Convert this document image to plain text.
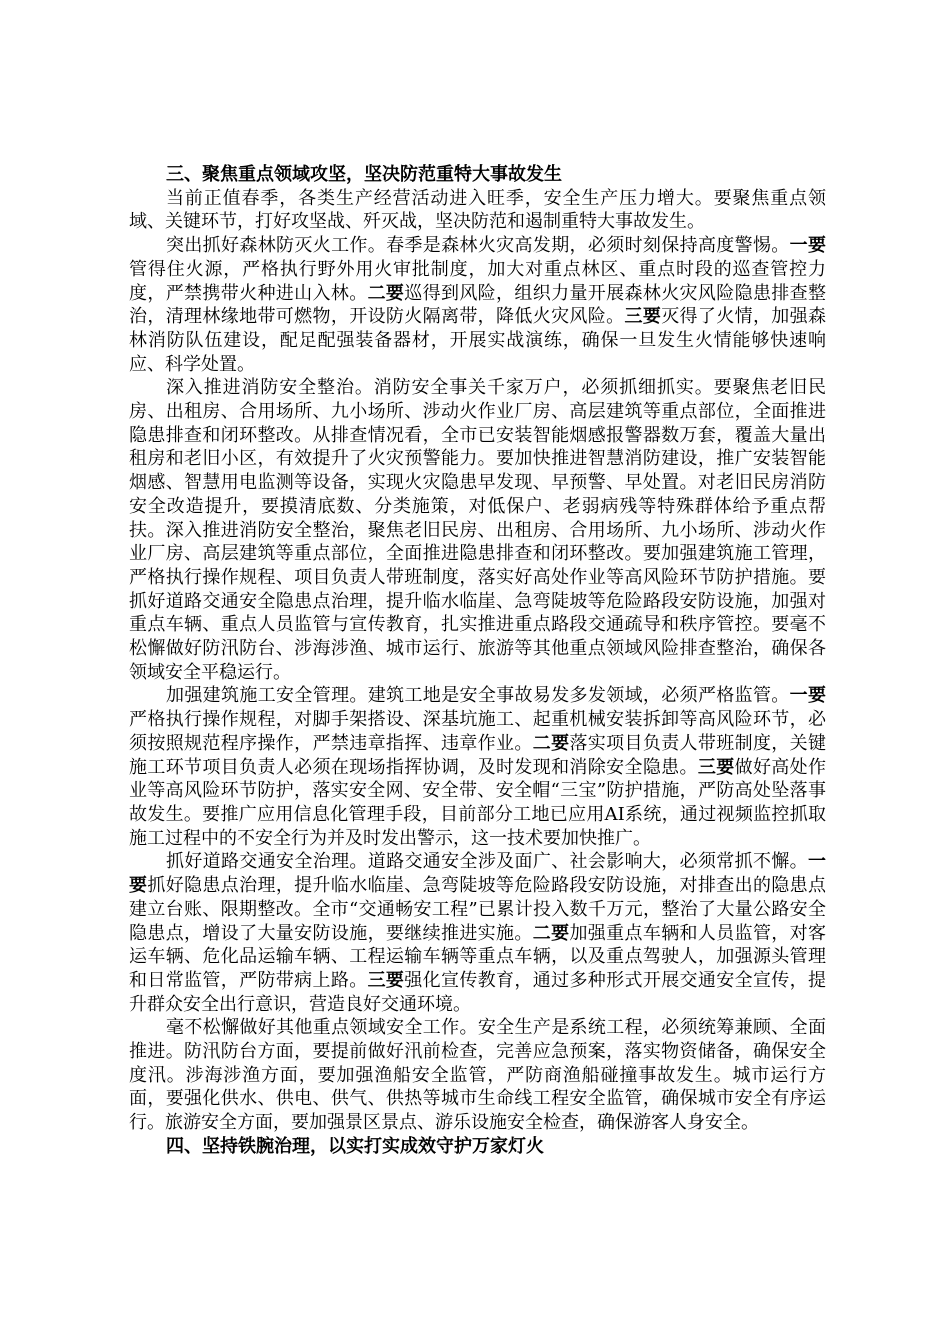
三、聚焦重点领域攻坚，坚决防范重特大事故发生

当前正值春季，各类生产经营活动进入旺季，安全生产压力增大。要聚焦重点领域、关键环节，打好攻坚战、歼灭战，坚决防范和遏制重特大事故发生。

突出抓好森林防灭火工作。春季是森林火灾高发期，必须时刻保持高度警惕。一要管得住火源，严格执行野外用火审批制度，加大对重点林区、重点时段的巡查管控力度，严禁携带火种进山入林。二要巡得到风险，组织力量开展森林火灾风险隐患排查整治，清理林缘地带可燃物，开设防火隔离带，降低火灾风险。三要灭得了火情，加强森林消防队伍建设，配足配强装备器材，开展实战演练，确保一旦发生火情能够快速响应、科学处置。

深入推进消防安全整治。消防安全事关千家万户，必须抓细抓实。要聚焦老旧民房、出租房、合用场所、九小场所、涉动火作业厂房、高层建筑等重点部位，全面推进隐患排查和闭环整改。从排查情况看，全市已安装智能烟感报警器数万套，覆盖大量出租房和老旧小区，有效提升了火灾预警能力。要加快推进智慧消防建设，推广安装智能烟感、智慧用电监测等设备，实现火灾隐患早发现、早预警、早处置。对老旧民房消防安全改造提升，要摸清底数、分类施策，对低保户、老弱病残等特殊群体给予重点帮扶。深入推进消防安全整治，聚焦老旧民房、出租房、合用场所、九小场所、涉动火作业厂房、高层建筑等重点部位，全面推进隐患排查和闭环整改。要加强建筑施工管理，严格执行操作规程、项目负责人带班制度，落实好高处作业等高风险环节防护措施。要抓好道路交通安全隐患点治理，提升临水临崖、急弯陡坡等危险路段安防设施，加强对重点车辆、重点人员监管与宣传教育，扎实推进重点路段交通疏导和秩序管控。要毫不松懈做好防汛防台、涉海涉渔、城市运行、旅游等其他重点领域风险排查整治，确保各领域安全平稳运行。

加强建筑施工安全管理。建筑工地是安全事故易发多发领域，必须严格监管。一要严格执行操作规程，对脚手架搭设、深基坑施工、起重机械安装拆卸等高风险环节，必须按照规范程序操作，严禁违章指挥、违章作业。二要落实项目负责人带班制度，关键施工环节项目负责人必须在现场指挥协调，及时发现和消除安全隐患。三要做好高处作业等高风险环节防护，落实安全网、安全带、安全帽“三宝”防护措施，严防高处坠落事故发生。要推广应用信息化管理手段，目前部分工地已应用AI系统，通过视频监控抓取施工过程中的不安全行为并及时发出警示，这一技术要加快推广。

抓好道路交通安全治理。道路交通安全涉及面广、社会影响大，必须常抓不懈。一要抓好隐患点治理，提升临水临崖、急弯陡坡等危险路段安防设施，对排查出的隐患点建立台账、限期整改。全市“交通畅安工程”已累计投入数千万元，整治了大量公路安全隐患点，增设了大量安防设施，要继续推进实施。二要加强重点车辆和人员监管，对客运车辆、危化品运输车辆、工程运输车辆等重点车辆，以及重点驾驶人，加强源头管理和日常监管，严防带病上路。三要强化宣传教育，通过多种形式开展交通安全宣传，提升群众安全出行意识，营造良好交通环境。

毫不松懈做好其他重点领域安全工作。安全生产是系统工程，必须统筹兼顾、全面推进。防汛防台方面，要提前做好汛前检查，完善应急预案，落实物资储备，确保安全度汛。涉海涉渔方面，要加强渔船安全监管，严防商渔船碰撞事故发生。城市运行方面，要强化供水、供电、供气、供热等城市生命线工程安全监管，确保城市安全有序运行。旅游安全方面，要加强景区景点、游乐设施安全检查，确保游客人身安全。

四、坚持铁腕治理，以实打实成效守护万家灯火
